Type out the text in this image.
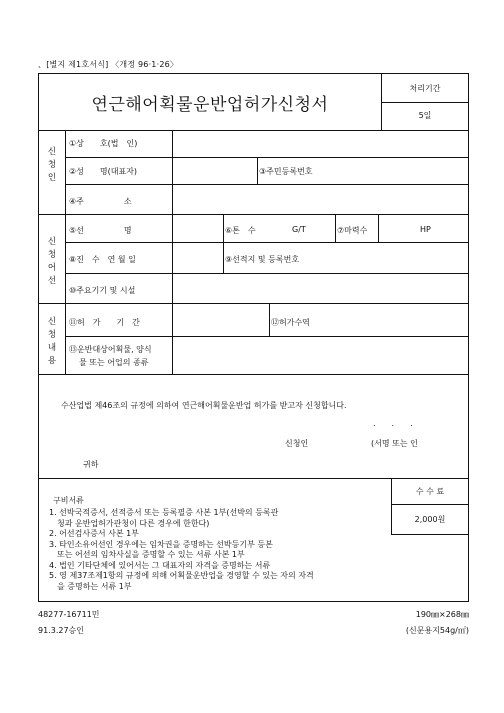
、[별지 제1호서식] 〈개정 96·1·26〉
연근해어획물운반업허가신청서
처리기간
5일
신
청
인
①상　　호(법　인)
②성　　명(대표자)	③주민등록번호
④주　　　　　소
신
청
어
선
⑤선　　　　　명	⑥톤　수	G/T	⑦마력수	HP
⑧진　수　연 월 일	⑨선적지 및 등록번호
⑩주요기기 및 시설
신
청
내
용
⑪허　가　　기　간	⑫허가수역
⑬운반대상어획물, 양식
물 또는 어업의 종류
수산업법 제46조의 규정에 의하여 연근해어획물운반업 허가를 받고자 신청합니다.
.　　.　　.
신청인	(서명 또는 인
귀하
구비서류
1. 선박국적증서, 선적증서 또는 등록필증 사본 1부(선박의 등록관
　청과 운반업허가관청이 다른 경우에 한한다)
2. 어선검사증서 사본 1부
3. 타인소유어선인 경우에는 임차권을 증명하는 선박등기부 등본
　또는 어선의 임차사실을 증명할 수 있는 서류 사본 1부
4. 법인 기타단체에 있어서는 그 대표자의 자격을 증명하는 서류
5. 영 제37조제1항의 규정에 의해 어획물운반업을 경영할 수 있는 자의 자격
　을 증명하는 서류 1부
수 수 료
2,000원
48277-16711민
91.3.27승인
190㎜×268㎜
(신문용지54g/㎡)
